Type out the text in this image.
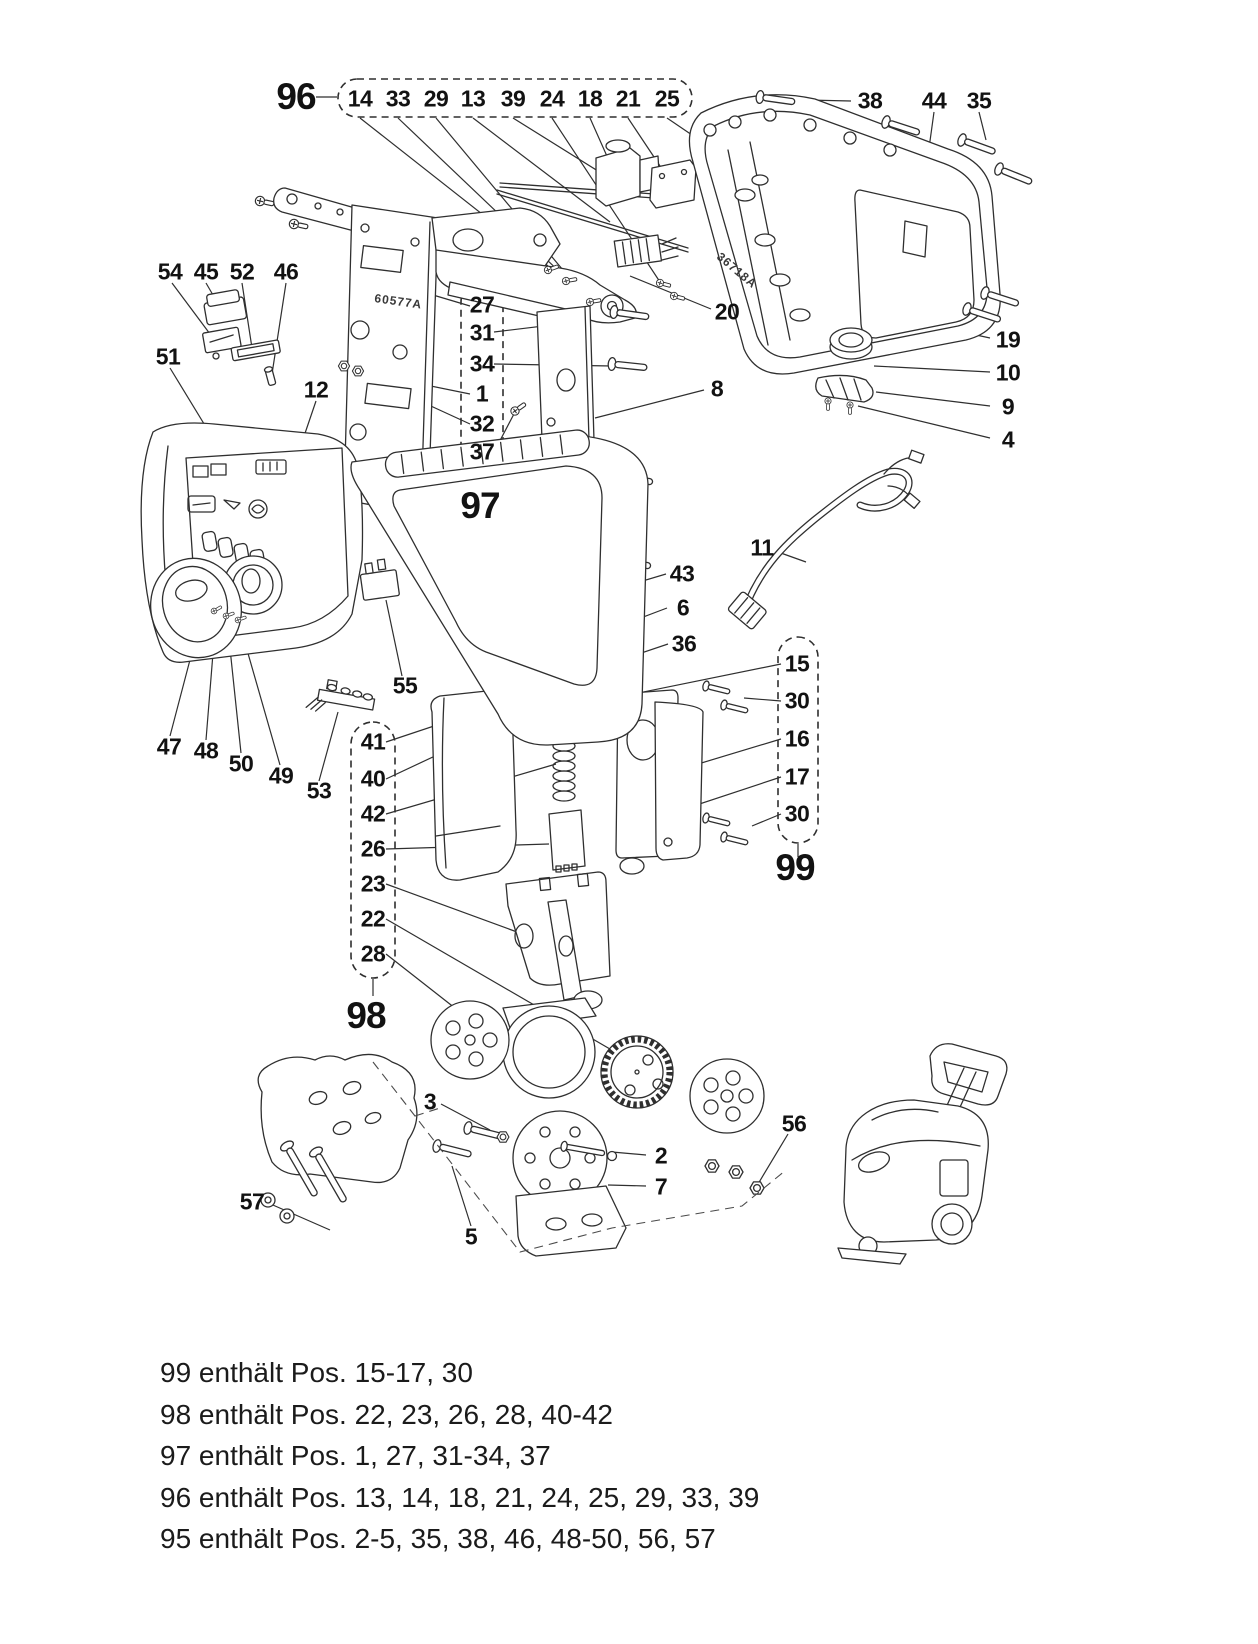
60577A
36718A
96 14 33 29 13 39 24 18 21 25	38 44 35
20
19
10
9
4
54 45 52 46
51
12
27
31
34
1
32
37
97
8
43
6
36
11
15
30
16
17
30
99
55
47 48 50 49
53
41
40
42
26
23
22
28
98
3
2
7
56
57
5
99 enthält Pos. 15-17, 30
98 enthält Pos. 22, 23, 26, 28, 40-42
97 enthält Pos. 1, 27, 31-34, 37
96 enthält Pos. 13, 14, 18, 21, 24, 25, 29, 33, 39
95 enthält Pos. 2-5, 35, 38, 46, 48-50, 56, 57
